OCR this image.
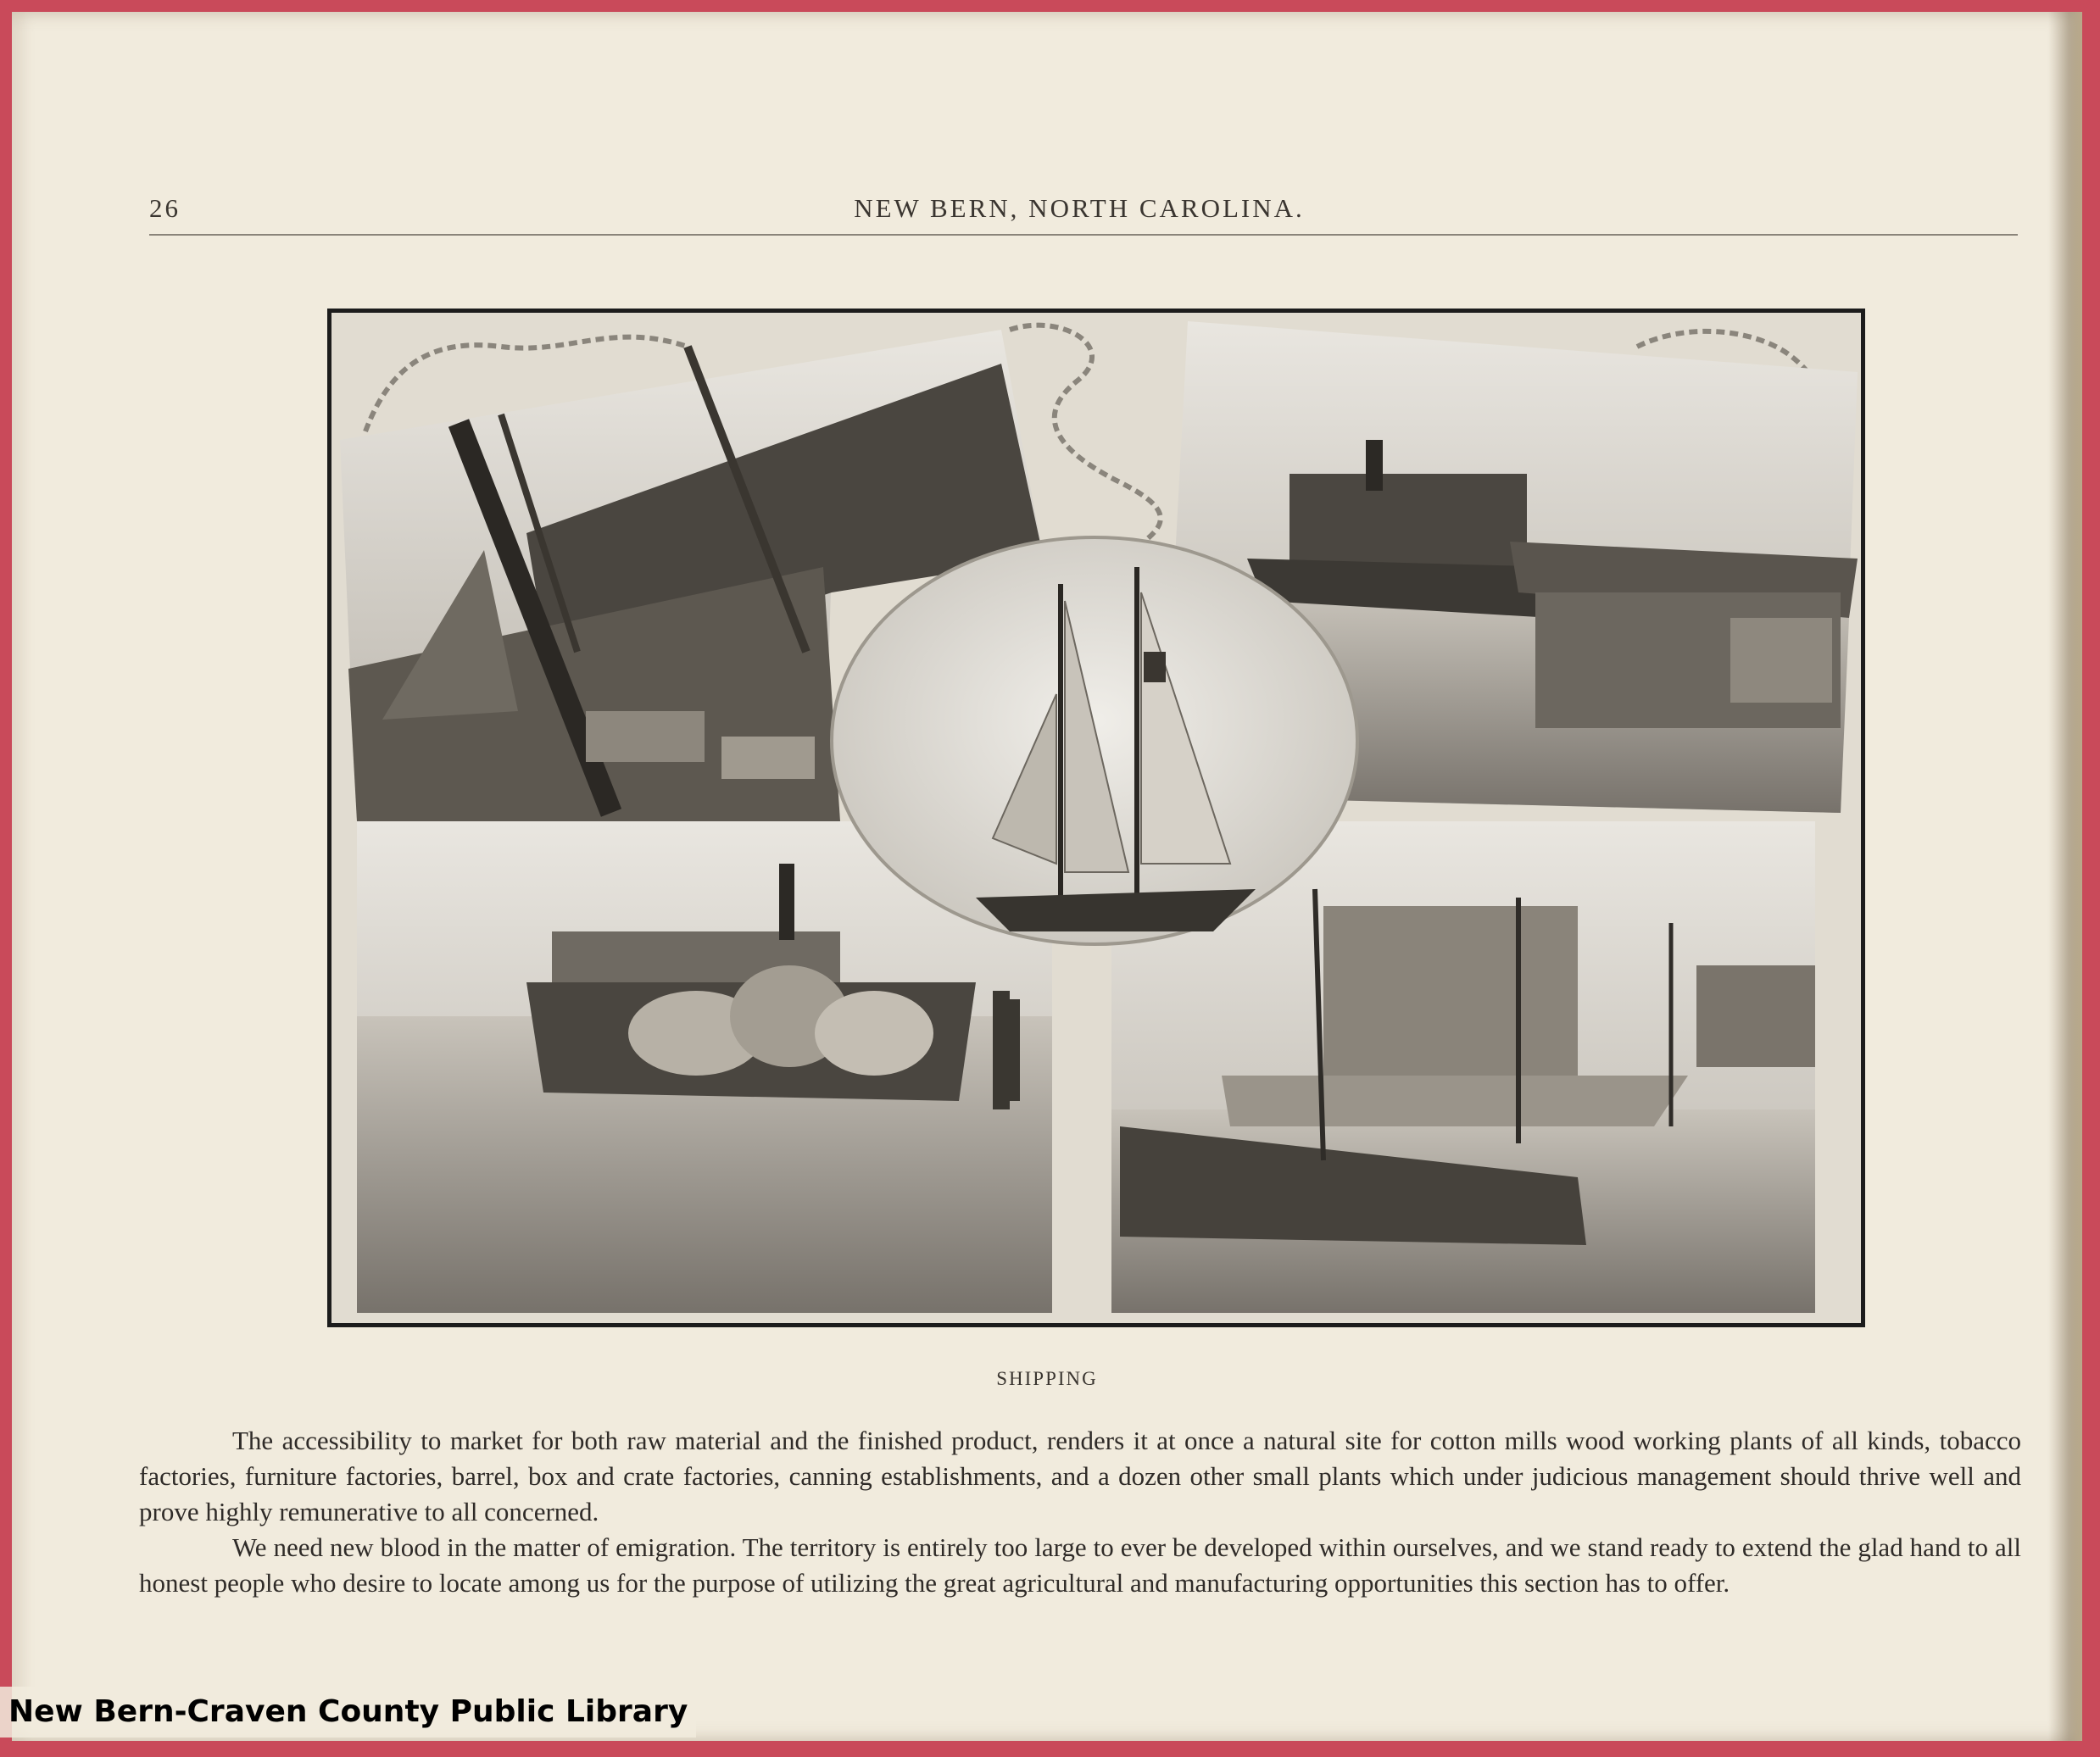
26	NEW BERN, NORTH CAROLINA.
SHIPPING

The accessibility to market for both raw material and the finished product, renders it at once a natural site for cotton mills wood working plants of all kinds, tobacco factories, furniture factories, barrel, box and crate factories, canning establishments, and a dozen other small plants which under judicious management should thrive well and prove highly remunerative to all concerned.

We need new blood in the matter of emigration. The territory is entirely too large to ever be developed within ourselves, and we stand ready to extend the glad hand to all honest people who desire to locate among us for the purpose of utilizing the great agricultural and manufacturing opportunities this section has to offer.

New Bern-Craven County Public Library
